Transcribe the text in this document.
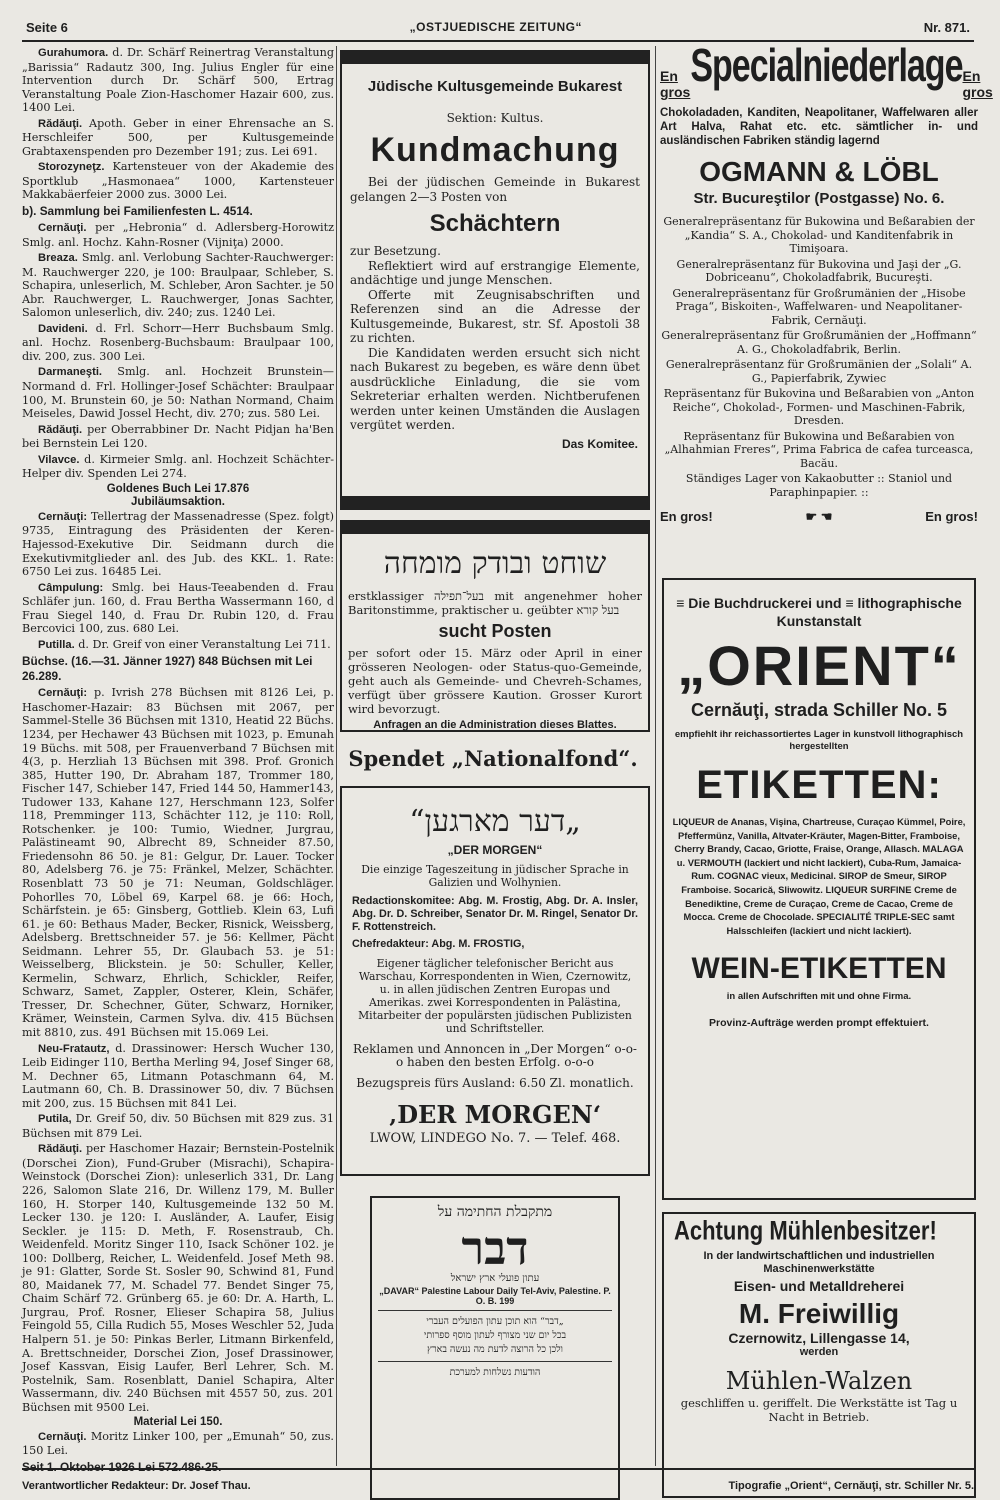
Seite 6	„OSTJUEDISCHE ZEITUNG“	Nr. 871.

Gurahumora. d. Dr. Schärf Reinertrag Veranstaltung „Barissia“ Radautz 300, Ing. Julius Engler für eine Intervention durch Dr. Schärf 500, Ertrag Veranstaltung Poale Zion-Haschomer Hazair 600, zus. 1400 Lei.

Rădăuţi. Apoth. Geber in einer Ehrensache an S. Herschleifer 500, per Kultusgemeinde Grabtaxenspenden pro Dezember 191; zus. Lei 691.

Storozyneţz. Kartensteuer von der Akademie des Sportklub „Hasmonaea“ 1000, Kartensteuer Makkabäerfeier 2000 zus. 3000 Lei.

b). Sammlung bei Familienfesten L. 4514.

Cernăuţi. per „Hebronia“ d. Adlersberg-Horowitz Smlg. anl. Hochz. Kahn-Rosner (Vijniţa) 2000.

Breaza. Smlg. anl. Verlobung Sachter-Rauchwerger: M. Rauchwerger 220, je 100: Braulpaar, Schleber, S. Schapira, unleserlich, M. Schleber, Aron Sachter. je 50 Abr. Rauchwerger, L. Rauchwerger, Jonas Sachter, Salomon unleserlich, div. 240; zus. 1240 Lei.

Davideni. d. Frl. Schorr—Herr Buchsbaum Smlg. anl. Hochz. Rosenberg-Buchsbaum: Braulpaar 100, div. 200, zus. 300 Lei.

Darmaneşti. Smlg. anl. Hochzeit Brunstein—Normand d. Frl. Hollinger-Josef Schächter: Braulpaar 100, M. Brunstein 60, je 50: Nathan Normand, Chaim Meiseles, Dawid Jossel Hecht, div. 270; zus. 580 Lei.

Rădăuţi. per Oberrabbiner Dr. Nacht Pidjan ha'Ben bei Bernstein Lei 120.

Vilavce. d. Kirmeier Smlg. anl. Hochzeit Schächter-Helper div. Spenden Lei 274.

Goldenes Buch Lei 17.876

Jubiläumsaktion.

Cernăuţi: Tellertrag der Massenadresse (Spez. folgt) 9735, Eintragung des Präsidenten der Keren-Hajessod-Exekutive Dir. Seidmann durch die Exekutivmitglieder anl. des Jub. des KKL. 1. Rate: 6750 Lei zus. 16485 Lei.

Câmpulung: Smlg. bei Haus-Teeabenden d. Frau Schläfer jun. 160, d. Frau Bertha Wassermann 160, d Frau Siegel 140, d. Frau Dr. Rubin 120, d. Frau Bercovici 100, zus. 680 Lei.

Putilla. d. Dr. Greif von einer Veranstaltung Lei 711.

Büchse. (16.—31. Jänner 1927) 848 Büchsen mit Lei 26.289.

Cernăuţi: p. Ivrish 278 Büchsen mit 8126 Lei, p. Haschomer-Hazair: 83 Büchsen mit 2067, per Sammel-Stelle 36 Büchsen mit 1310, Heatid 22 Büchs. 1234, per Hechawer 43 Büchsen mit 1023, p. Emunah 19 Büchs. mit 508, per Frauenverband 7 Büchsen mit 4(3, p. Herzliah 13 Büchsen mit 398. Prof. Gronich 385, Hutter 190, Dr. Abraham 187, Trommer 180, Fischer 147, Schieber 147, Fried 144 50, Hammer143, Tudower 133, Kahane 127, Herschmann 123, Solfer 118, Premminger 113, Schächter 112, je 110: Roll, Rotschenker. je 100: Tumio, Wiedner, Jurgrau, Palästineamt 90, Albrecht 89, Schneider 87.50, Friedensohn 86 50. je 81: Gelgur, Dr. Lauer. Tocker 80, Adelsberg 76. je 75: Fränkel, Melzer, Schächter. Rosenblatt 73 50 je 71: Neuman, Goldschläger. Pohorlles 70, Löbel 69, Karpel 68. je 66: Hoch, Schärfstein. je 65: Ginsberg, Gottlieb. Klein 63, Lufi 61. je 60: Bethaus Mader, Becker, Risnick, Weissberg, Adelsberg. Brettschneider 57. je 56: Kellmer, Pächt Seidmann. Lehrer 55, Dr. Glaubach 53. je 51: Weisselberg, Blickstein. je 50: Schuller, Keller, Kermelin, Schwarz, Ehrlich, Schickler, Reifer, Schwarz, Samet, Zappler, Osterer, Klein, Schäfer, Tresser, Dr. Schechner, Güter, Schwarz, Horniker, Krämer, Weinstein, Carmen Sylva. div. 415 Büchsen mit 8810, zus. 491 Büchsen mit 15.069 Lei.

Neu-Fratautz, d. Drassinower: Hersch Wucher 130, Leib Eidinger 110, Bertha Merling 94, Josef Singer 68, M. Dechner 65, Litmann Potaschmann 64, M. Lautmann 60, Ch. B. Drassinower 50, div. 7 Büchsen mit 200, zus. 15 Büchsen mit 841 Lei.

Putila, Dr. Greif 50, div. 50 Büchsen mit 829 zus. 31 Büchsen mit 879 Lei.

Rădăuţi. per Haschomer Hazair; Bernstein-Postelnik (Dorschei Zion), Fund-Gruber (Misrachi), Schapira-Weinstock (Dorschei Zion): unleserlich 331, Dr. Lang 226, Salomon Slate 216, Dr. Willenz 179, M. Buller 160, H. Storper 140, Kultusgemeinde 132 50 M. Lecker 130. je 120: I. Ausländer, A. Laufer, Eisig Seckler. je 115: D. Meth, F. Rosenstraub, Ch. Weidenfeld. Moritz Singer 110, Isack Schöner 102. je 100: Dollberg, Reicher, L. Weidenfeld. Josef Meth 98. je 91: Glatter, Sorde St. Sosler 90, Schwind 81, Fund 80, Maidanek 77, M. Schadel 77. Bendet Singer 75, Chaim Schärf 72. Grünberg 65. je 60: Dr. A. Harth, L. Jurgrau, Prof. Rosner, Elieser Schapira 58, Julius Feingold 55, Cilla Rudich 55, Moses Weschler 52, Juda Halpern 51. je 50: Pinkas Berler, Litmann Birkenfeld, A. Brettschneider, Dorschei Zion, Josef Drassinower, Josef Kassvan, Eisig Laufer, Berl Lehrer, Sch. M. Postelnik, Sam. Rosenblatt, Daniel Schapira, Alter Wassermann, div. 240 Büchsen mit 4557 50, zus. 201 Büchsen mit 9500 Lei.

Material Lei 150.

Cernăuţi. Moritz Linker 100, per „Emunah“ 50, zus. 150 Lei.

Seit 1. Oktober 1926 Lei 572.486·25.
Jüdische Kultusgemeinde Bukarest
Sektion: Kultus.
Kundmachung

Bei der jüdischen Gemeinde in Bukarest gelangen 2—3 Posten von

Schächtern

zur Besetzung.

Reflektiert wird auf erstrangige Elemente, andächtige und junge Menschen.

Offerte mit Zeugnisabschriften und Referenzen sind an die Adresse der Kultusgemeinde, Bukarest, str. Sf. Apostoli 38 zu richten.

Die Kandidaten werden ersucht sich nicht nach Bukarest zu begeben, es wäre denn übet ausdrückliche Einladung, die sie vom Sekreteriar erhalten werden. Nichtberufenen werden unter keinen Umständen die Auslagen vergütet werden.

Das Komitee.
שוחט ובודק מומחה

erstklassiger בעל־תפילה mit angenehmer hoher Baritonstimme, praktischer u. geübter בעל קורא

sucht Posten

per sofort oder 15. März oder April in einer grösseren Neologen- oder Status-quo-Gemeinde, geht auch als Gemeinde- und Chevreh-Schames, verfügt über grössere Kaution. Grosser Kurort wird bevorzugt.

Anfragen an die Administration dieses Blattes.

Spendet „Nationalfond“.
„דער מארגען“
„DER MORGEN“

Die einzige Tageszeitung in jüdischer Sprache in Galizien und Wolhynien.

Redactionskomitee: Abg. M. Frostig, Abg. Dr. A. Insler, Abg. Dr. D. Schreiber, Senator Dr. M. Ringel, Senator Dr. F. Rottenstreich.

Chefredakteur: Abg. M. FROSTIG,

Eigener täglicher telefonischer Bericht aus Warschau, Korrespondenten in Wien, Czernowitz, u. in allen jüdischen Zentren Europas und Amerikas. zwei Korrespondenten in Palästina, Mitarbeiter der populärsten jüdischen Publizisten und Schriftsteller.

Reklamen und Annoncen in „Der Morgen“ o-o-o haben den besten Erfolg. o-o-o

Bezugspreis fürs Ausland: 6.50 Zl. monatlich.

‚DER MORGEN‘
LWOW, LINDEGO No. 7. — Telef. 468.
מתקבלת החתימה על
דבר
עתון פועלי ארץ ישראל
„DAVAR“ Palestine Labour Daily Tel-Aviv, Palestine. P. O. B. 199
„דבר“ הוא תוכן עתון הפועלים העברי
בכל יום שני מצורף לעתון מוסף ספרותי
ולכן כל הרוצה לדעת מה נעשה בארץ
הודעות נשלחות למערכת
En gros
Specialniederlage En gros

Chokoladaden, Kanditen, Neapolitaner, Waffelwaren aller Art Halva, Rahat etc. etc. sämtlicher in- und ausländischen Fabriken ständig lagernd

OGMANN & LÖBL
Str. Bucureştilor (Postgasse) No. 6.
Generalrepräsentanz für Bukowina und Beßarabien der „Kandia“ S. A., Chokolad- und Kanditenfabrik in Timişoara.
Generalrepräsentanz für Bukovina und Jaşi der „G. Dobriceanu“, Chokoladfabrik, Bucureşti.
Generalrepräsentanz für Großrumänien der „Hisobe Praga“, Biskoiten-, Waffelwaren- und Neapolitaner-Fabrik, Cernăuţi.
Generalrepräsentanz für Großrumänien der „Hoffmann“ A. G., Chokoladfabrik, Berlin.
Generalrepräsentanz für Großrumänien der „Solali“ A. G., Papierfabrik, Zywiec
Repräsentanz für Bukovina und Beßarabien von „Anton Reiche“, Chokolad-, Formen- und Maschinen-Fabrik, Dresden.
Repräsentanz für Bukowina und Beßarabien von „Alhahmian Freres“, Prima Fabrica de cafea turceasca, Bacău.
Ständiges Lager von Kakaobutter :: Staniol und Paraphinpapier. ::
En gros!	☛ ☚	En gros!
≡ Die Buchdruckerei und ≡ lithographische Kunstanstalt
„ORIENT“
Cernăuţi, strada Schiller No. 5
empfiehlt ihr reichassortiertes Lager in kunstvoll lithographisch hergestellten
ETIKETTEN:
LIQUEUR de Ananas, Vişina, Chartreuse, Curaçao Kümmel, Poire, Pfeffermünz, Vanilla, Altvater-Kräuter, Magen-Bitter, Framboise, Cherry Brandy, Cacao, Griotte, Fraise, Orange, Allasch. MALAGA u. VERMOUTH (lackiert und nicht lackiert), Cuba-Rum, Jamaica-Rum. COGNAC vieux, Medicinal. SIROP de Smeur, SIROP Framboise. Socarică, Sliwowitz. LIQUEUR SURFINE Creme de Benediktine, Creme de Curaçao, Creme de Cacao, Creme de Mocca. Creme de Chocolade. SPECIALITÉ TRIPLE-SEC samt Halsschleifen (lackiert und nicht lackiert).
WEIN-ETIKETTEN
in allen Aufschriften mit und ohne Firma.
Provinz-Aufträge werden prompt effektuiert.
Achtung Mühlenbesitzer!
In der landwirtschaftlichen und industriellen Maschinenwerkstätte
Eisen- und Metalldreherei
M. Freiwillig
Czernowitz, Lillengasse 14,
werden
Mühlen-Walzen
geschliffen u. geriffelt. Die Werkstätte ist Tag u Nacht in Betrieb.
Verantwortlicher Redakteur: Dr. Josef Thau.	Tipografie „Orient“, Cernăuţi, str. Schiller Nr. 5.
